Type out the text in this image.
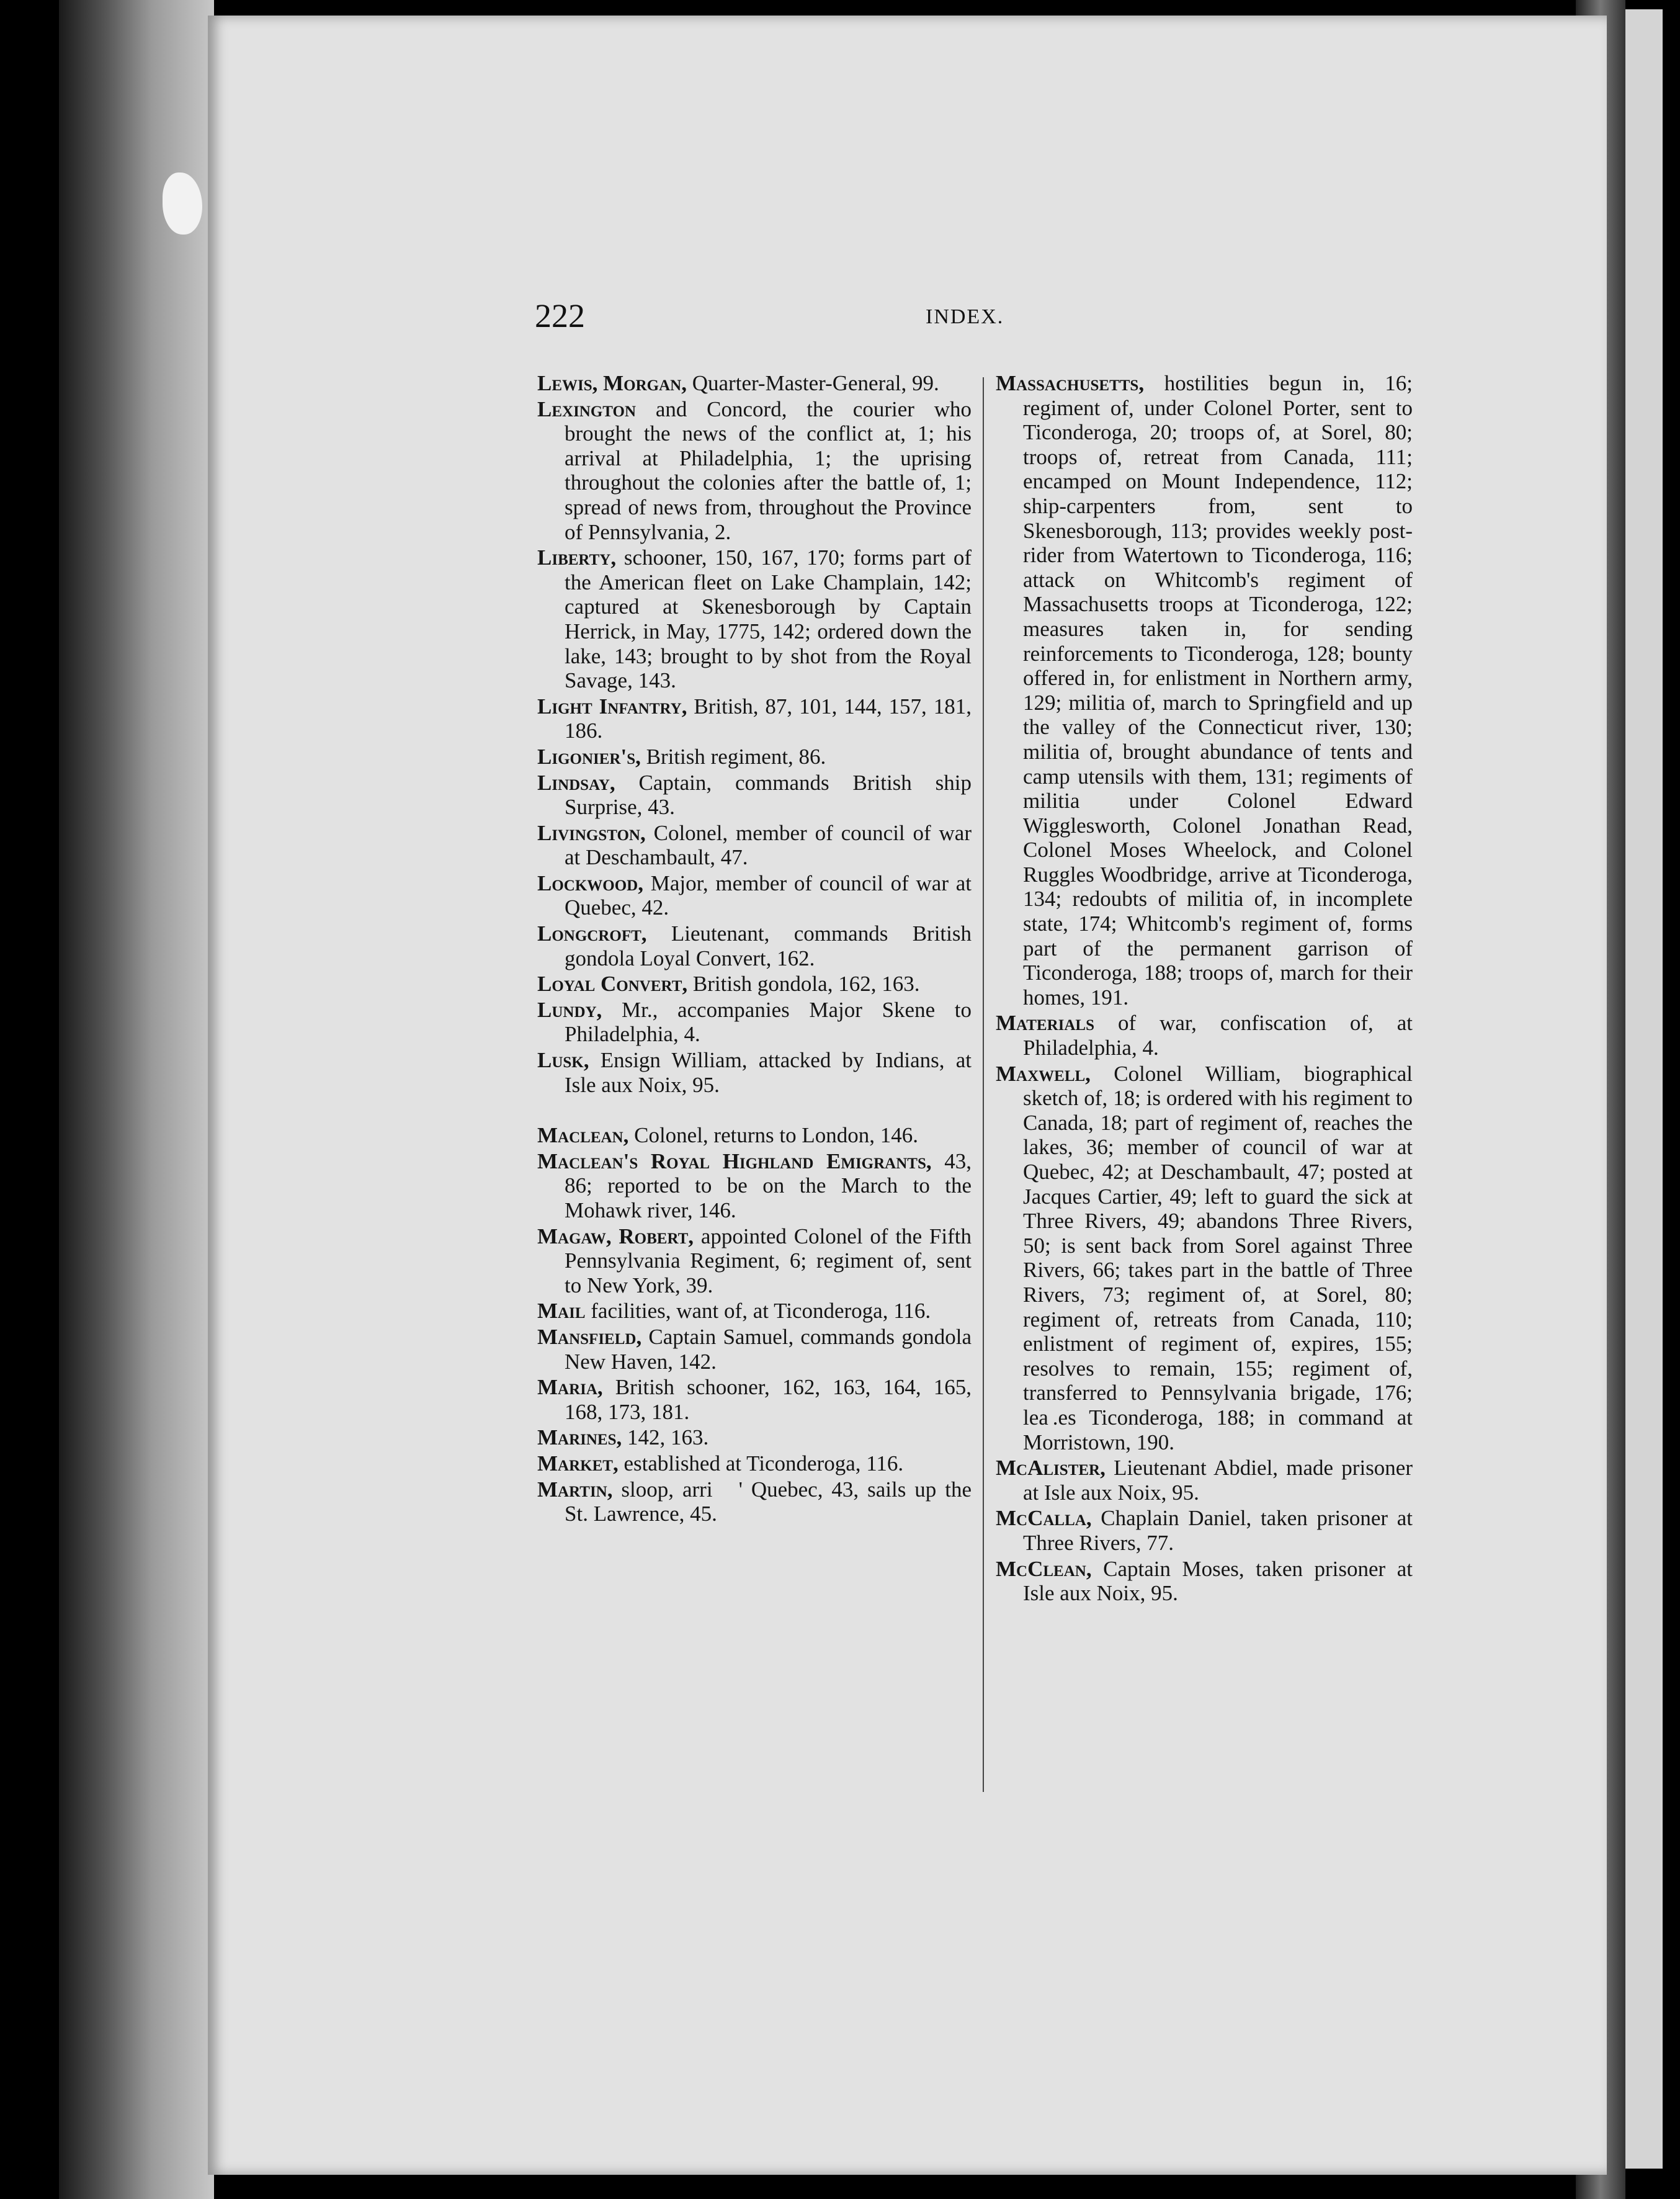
222	INDEX.

Lewis, Morgan, Quarter-Master-General, 99.

Lexington and Concord, the courier who brought the news of the conflict at, 1; his arrival at Philadelphia, 1; the uprising throughout the colonies after the battle of, 1; spread of news from, throughout the Province of Pennsylvania, 2.

Liberty, schooner, 150, 167, 170; forms part of the American fleet on Lake Champlain, 142; captured at Skenesborough by Captain Herrick, in May, 1775, 142; ordered down the lake, 143; brought to by shot from the Royal Savage, 143.

Light Infantry, British, 87, 101, 144, 157, 181, 186.

Ligonier's, British regiment, 86.

Lindsay, Captain, commands British ship Surprise, 43.

Livingston, Colonel, member of council of war at Deschambault, 47.

Lockwood, Major, member of council of war at Quebec, 42.

Longcroft, Lieutenant, commands British gondola Loyal Convert, 162.

Loyal Convert, British gondola, 162, 163.

Lundy, Mr., accompanies Major Skene to Philadelphia, 4.

Lusk, Ensign William, attacked by Indians, at Isle aux Noix, 95.

Maclean, Colonel, returns to London, 146.

Maclean's Royal Highland Emigrants, 43, 86; reported to be on the March to the Mohawk river, 146.

Magaw, Robert, appointed Colonel of the Fifth Pennsylvania Regiment, 6; regiment of, sent to New York, 39.

Mail facilities, want of, at Ticonderoga, 116.

Mansfield, Captain Samuel, commands gondola New Haven, 142.

Maria, British schooner, 162, 163, 164, 165, 168, 173, 181.

Marines, 142, 163.

Market, established at Ticonderoga, 116.

Martin, sloop, arri      ' Quebec, 43, sails up the St. Lawrence, 45.

Massachusetts, hostilities begun in, 16; regiment of, under Colonel Porter, sent to Ticonderoga, 20; troops of, at Sorel, 80; troops of, retreat from Canada, 111; encamped on Mount Independence, 112; ship-carpenters from, sent to Skenesborough, 113; provides weekly post-rider from Watertown to Ticonderoga, 116; attack on Whitcomb's regiment of Massachusetts troops at Ticonderoga, 122; measures taken in, for sending reinforcements to Ticonderoga, 128; bounty offered in, for enlistment in Northern army, 129; militia of, march to Springfield and up the valley of the Connecticut river, 130; militia of, brought abundance of tents and camp utensils with them, 131; regiments of militia under Colonel Edward Wigglesworth, Colonel Jonathan Read, Colonel Moses Wheelock, and Colonel Ruggles Woodbridge, arrive at Ticonderoga, 134; redoubts of militia of, in incomplete state, 174; Whitcomb's regiment of, forms part of the permanent garrison of Ticonderoga, 188; troops of, march for their homes, 191.

Materials of war, confiscation of, at Philadelphia, 4.

Maxwell, Colonel William, biographical sketch of, 18; is ordered with his regiment to Canada, 18; part of regiment of, reaches the lakes, 36; member of council of war at Quebec, 42; at Deschambault, 47; posted at Jacques Cartier, 49; left to guard the sick at Three Rivers, 49; abandons Three Rivers, 50; is sent back from Sorel against Three Rivers, 66; takes part in the battle of Three Rivers, 73; regiment of, at Sorel, 80; regiment of, retreats from Canada, 110; enlistment of regiment of, expires, 155; resolves to remain, 155; regiment of, transferred to Pennsylvania brigade, 176; lea .es Ticonderoga, 188; in command at Morristown, 190.

McAlister, Lieutenant Abdiel, made prisoner at Isle aux Noix, 95.

McCalla, Chaplain Daniel, taken prisoner at Three Rivers, 77.

McClean, Captain Moses, taken prisoner at Isle aux Noix, 95.
